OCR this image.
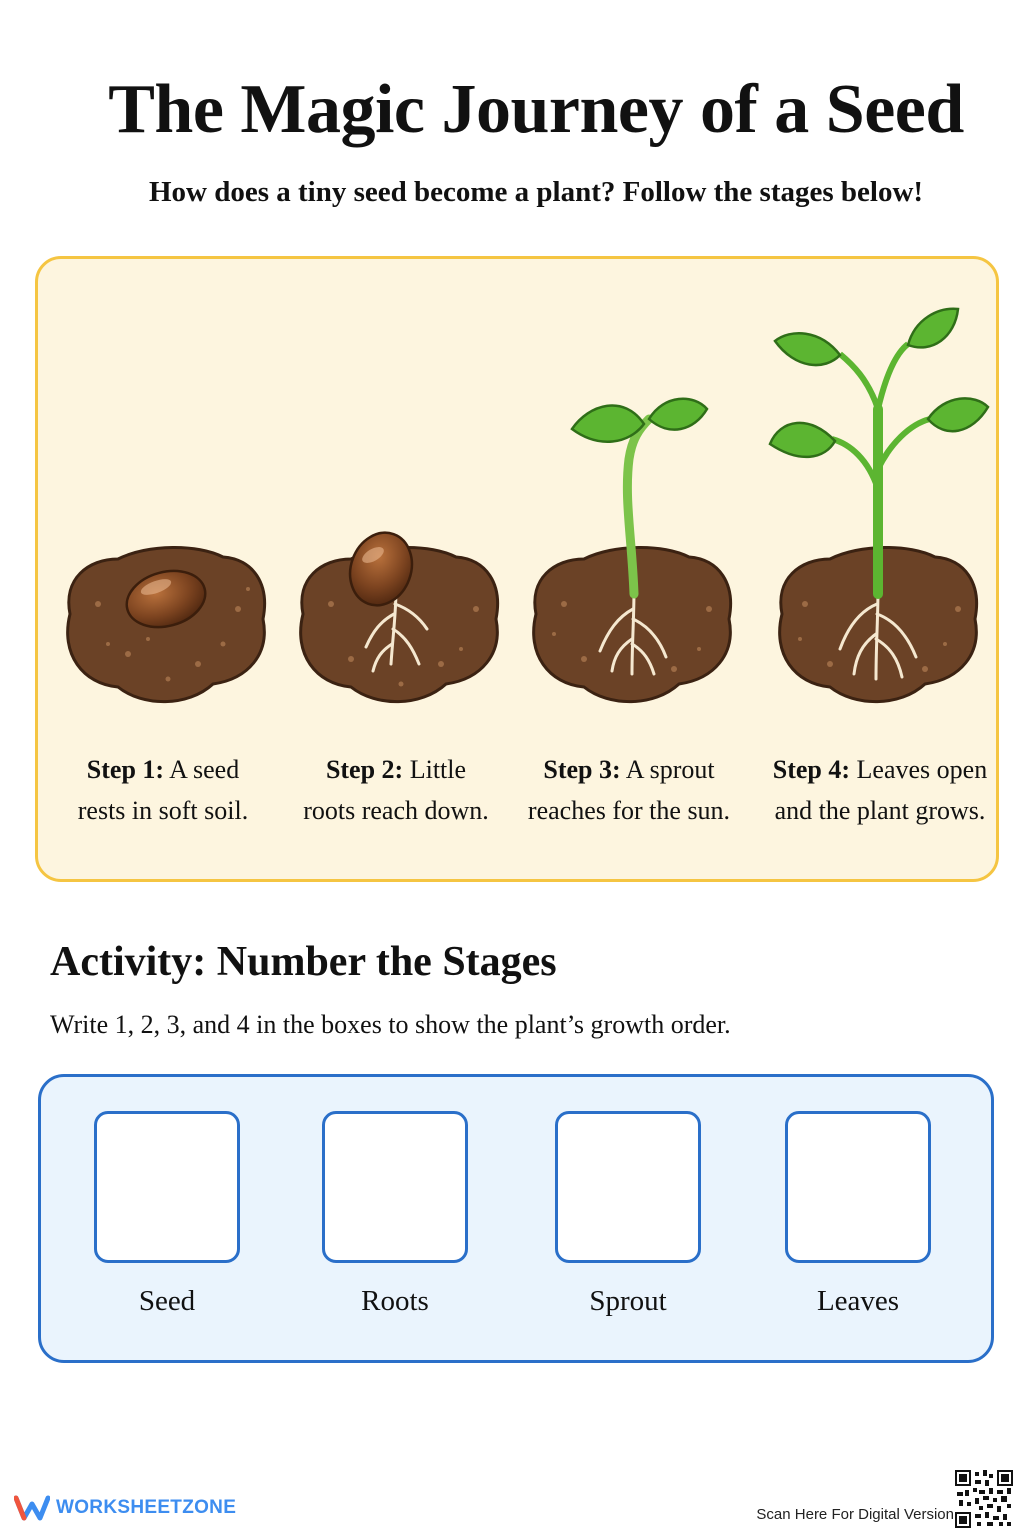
The Magic Journey of a Seed
How does a tiny seed become a plant? Follow the stages below!
Step 1: A seed
rests in soft soil.
Step 2: Little
roots reach down.
Step 3: A sprout
reaches for the sun.
Step 4: Leaves open
and the plant grows.
Activity: Number the Stages
Write 1, 2, 3, and 4 in the boxes to show the plant’s growth order.
Seed	Roots	Sprout	Leaves
WORKSHEETZONE	Scan Here For Digital Version
